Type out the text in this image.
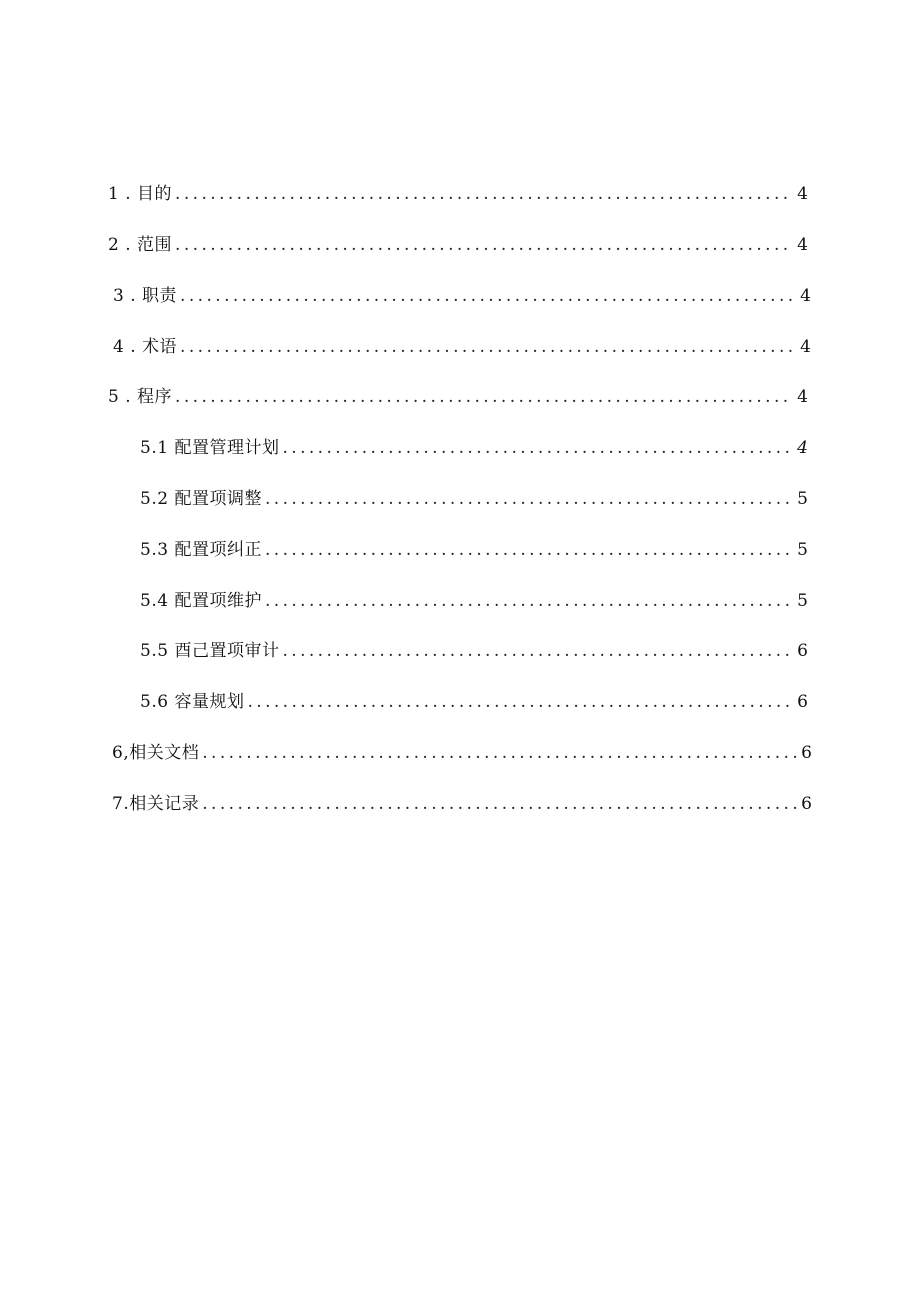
1 . 目的 . . .	4
2 . 范围 . . .	4
3 . 职责 . . .	4
4 . 术语 . . .	4
5 . 程序 . . .	4
5.1 配置管理计划 . . .	4
5.2 配置项调整 . . .	5
5.3 配置项纠正 . . .	5
5.4 配置项维护 . . .	5
5.5 酉己置项审计 . . .	6
5.6 容量规划 . . .	6
6,相关文档 . . .	6
7.相关记录 . . .	6
